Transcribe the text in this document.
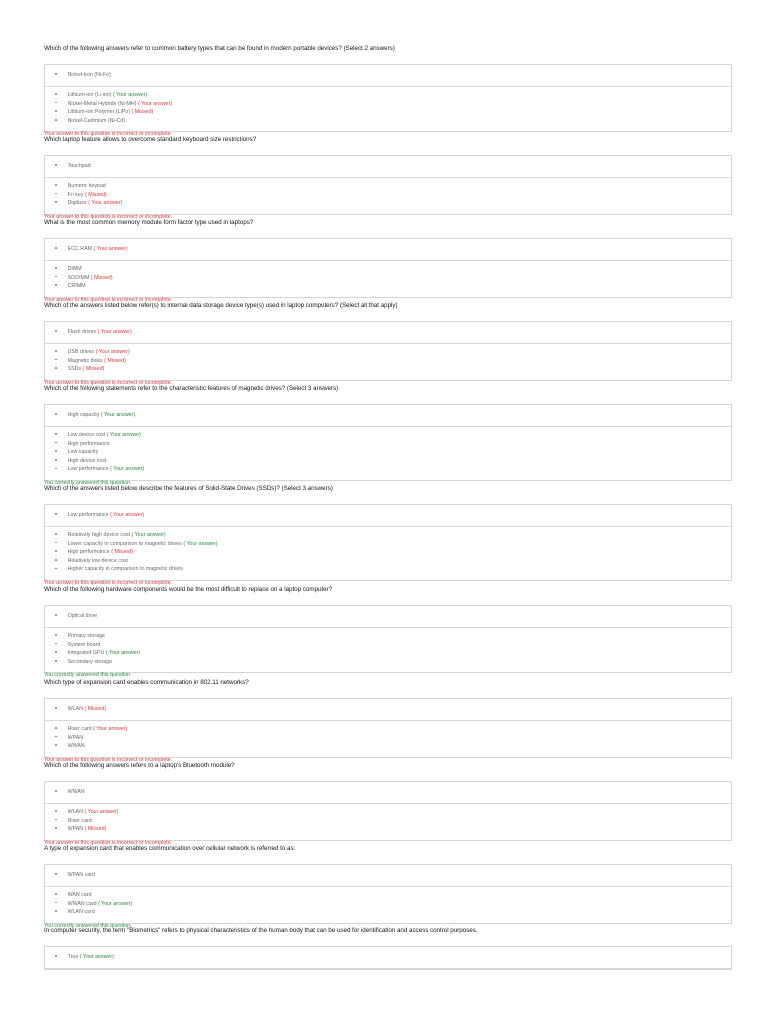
Which of the following answers refer to common battery types that can be found in modern portable devices? (Select 2 answers)
Nickel-Iron (Ni-Fe)
Lithium-ion (Li-ion) ( Your answer)
Nickel-Metal Hydride (Ni-MH) ( Your answer)
Lithium-ion Polymer (LiPo) ( Missed)
Nickel-Cadmium (Ni-Cd)
Your answer to this question is incorrect or incomplete.
Which laptop feature allows to overcome standard keyboard size restrictions?
Touchpad
Numeric keypad
Fn key ( Missed)
Digitizer ( Your answer)
Your answer to this question is incorrect or incomplete.
What is the most common memory module form factor type used in laptops?
ECC RAM ( Your answer)
DIMM
SODIMM ( Missed)
CRIMM
Your answer to this question is incorrect or incomplete.
Which of the answers listed below refer(s) to internal data storage device type(s) used in laptop computers? (Select all that apply)
Flash drives ( Your answer)
USB drives ( Your answer)
Magnetic disks ( Missed)
SSDs ( Missed)
Your answer to this question is incorrect or incomplete.
Which of the following statements refer to the characteristic features of magnetic drives? (Select 3 answers)
High capacity ( Your answer)
Low device cost ( Your answer)
High performance
Low capacity
High device cost
Low performance ( Your answer)
You correctly answered this question.
Which of the answers listed below describe the features of Solid-State Drives (SSDs)? (Select 3 answers)
Low performance ( Your answer)
Relatively high device cost ( Your answer)
Lower capacity in comparison to magnetic drives ( Your answer)
High performance ( Missed)
Relatively low device cost
Higher capacity in comparison to magnetic drives
Your answer to this question is incorrect or incomplete.
Which of the following hardware components would be the most difficult to replace on a laptop computer?
Optical drive
Primary storage
System board
Integrated GPU ( Your answer)
Secondary storage
You correctly answered this question.
Which type of expansion card enables communication in 802.11 networks?
WLAN ( Missed)
Riser card ( Your answer)
WPAN
WWAN
Your answer to this question is incorrect or incomplete.
Which of the following answers refers to a laptop's Bluetooth module?
WWAN
WLAN ( Your answer)
Riser card
WPAN ( Missed)
Your answer to this question is incorrect or incomplete.
A type of expansion card that enables communication over cellular network is referred to as:
WPAN card
WAN card
WWAN card ( Your answer)
WLAN card
You correctly answered this question.
In computer security, the term "Biometrics" refers to physical characteristics of the human body that can be used for identification and access control purposes.
True ( Your answer)
